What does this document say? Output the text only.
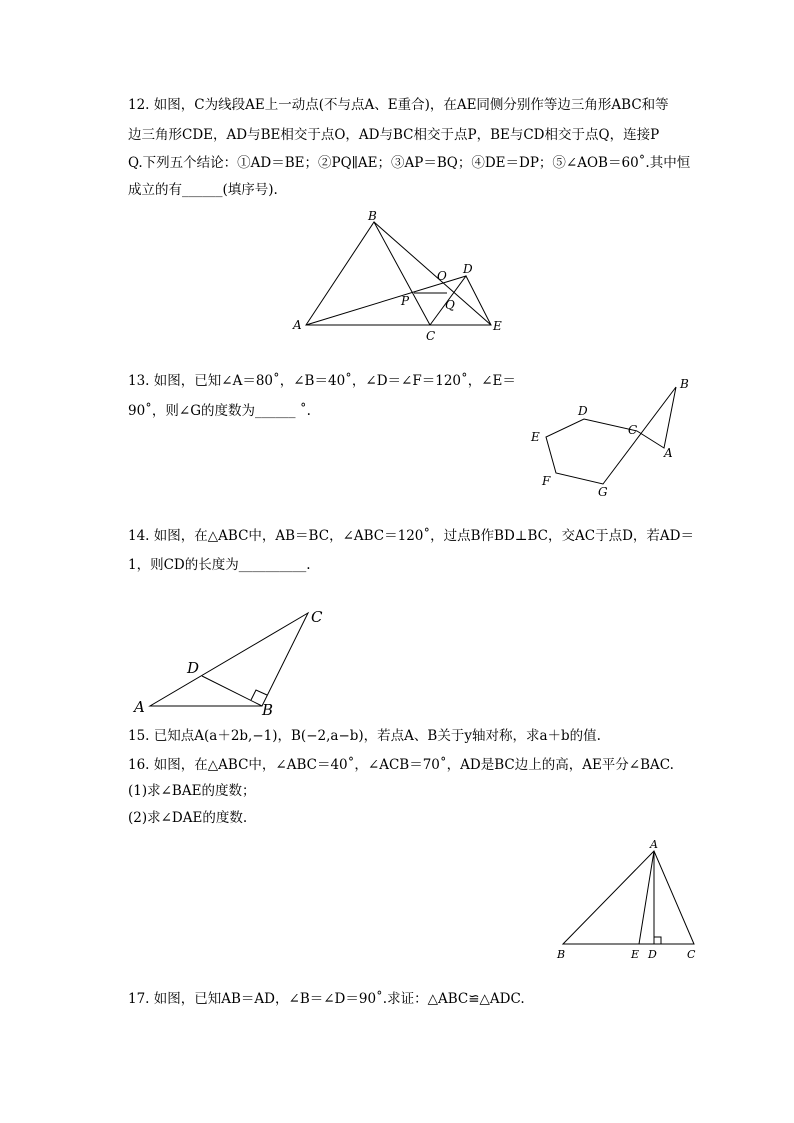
12. 如图，C为线段AE上一动点(不与点A、E重合)，在AE同侧分别作等边三角形ABC和等
边三角形CDE，AD与BE相交于点O，AD与BC相交于点P，BE与CD相交于点Q，连接P
Q.下列五个结论：①AD＝BE；②PQ∥AE；③AP＝BQ；④DE＝DP；⑤∠AOB＝60˚.其中恒
成立的有______(填序号).
B
A
C
D
E
O
P	Q
13. 如图，已知∠A＝80˚，∠B＝40˚，∠D＝∠F＝120˚，∠E＝
90˚，则∠G的度数为______ ˚.
B
D
C
E
A
F
G
14. 如图，在△ABC中，AB＝BC，∠ABC＝120˚，过点B作BD⊥BC，交AC于点D，若AD＝
1，则CD的长度为__________.
A	B
C
D
15. 已知点A(a＋2b,−1)，B(−2,a−b)，若点A、B关于y轴对称，求a＋b的值.
16. 如图，在△ABC中，∠ABC＝40˚，∠ACB＝70˚，AD是BC边上的高，AE平分∠BAC.
(1)求∠BAE的度数；
(2)求∠DAE的度数.
A
B	E D	C
17. 如图，已知AB＝AD，∠B＝∠D＝90˚.求证：△ABC≌△ADC.
